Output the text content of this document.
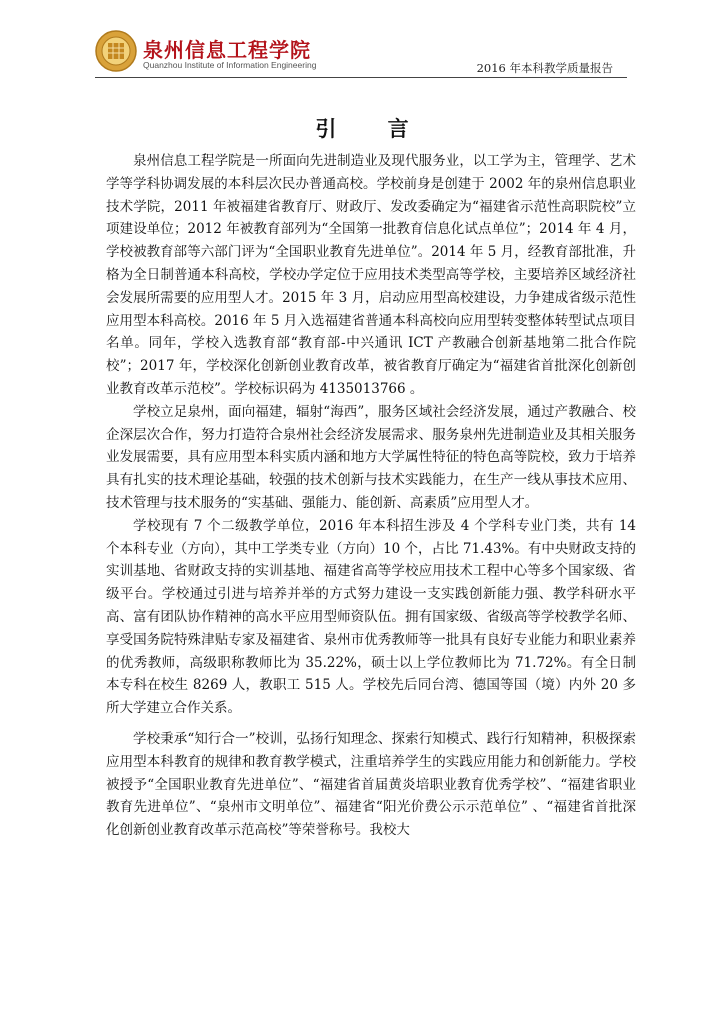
泉州信息工程学院
Quanzhou Institute of Information Engineering	2016 年本科教学质量报告
引 言

泉州信息工程学院是一所面向先进制造业及现代服务业，以工学为主，管理学、艺术学等学科协调发展的本科层次民办普通高校。学校前身是创建于 2002 年的泉州信息职业技术学院，2011 年被福建省教育厅、财政厅、发改委确定为“福建省示范性高职院校”立项建设单位；2012 年被教育部列为“全国第一批教育信息化试点单位”；2014 年 4 月，学校被教育部等六部门评为“全国职业教育先进单位”。2014 年 5 月，经教育部批准，升格为全日制普通本科高校，学校办学定位于应用技术类型高等学校，主要培养区域经济社会发展所需要的应用型人才。2015 年 3 月，启动应用型高校建设，力争建成省级示范性应用型本科高校。2016 年 5 月入选福建省普通本科高校向应用型转变整体转型试点项目名单。同年，学校入选教育部“教育部-中兴通讯 ICT 产教融合创新基地第二批合作院校”；2017 年，学校深化创新创业教育改革，被省教育厅确定为“福建省首批深化创新创业教育改革示范校”。学校标识码为 4135013766 。

学校立足泉州，面向福建，辐射“海西”，服务区域社会经济发展，通过产教融合、校企深层次合作，努力打造符合泉州社会经济发展需求、服务泉州先进制造业及其相关服务业发展需要，具有应用型本科实质内涵和地方大学属性特征的特色高等院校，致力于培养具有扎实的技术理论基础，较强的技术创新与技术实践能力，在生产一线从事技术应用、技术管理与技术服务的“实基础、强能力、能创新、高素质”应用型人才。

学校现有 7 个二级教学单位，2016 年本科招生涉及 4 个学科专业门类，共有 14 个本科专业（方向），其中工学类专业（方向）10 个，占比 71.43%。有中央财政支持的实训基地、省财政支持的实训基地、福建省高等学校应用技术工程中心等多个国家级、省级平台。学校通过引进与培养并举的方式努力建设一支实践创新能力强、教学科研水平高、富有团队协作精神的高水平应用型师资队伍。拥有国家级、省级高等学校教学名师、享受国务院特殊津贴专家及福建省、泉州市优秀教师等一批具有良好专业能力和职业素养的优秀教师，高级职称教师比为 35.22%，硕士以上学位教师比为 71.72%。有全日制本专科在校生 8269 人，教职工 515 人。学校先后同台湾、德国等国（境）内外 20 多所大学建立合作关系。

学校秉承“知行合一”校训，弘扬行知理念、探索行知模式、践行行知精神，积极探索应用型本科教育的规律和教育教学模式，注重培养学生的实践应用能力和创新能力。学校被授予“全国职业教育先进单位”、“福建省首届黄炎培职业教育优秀学校”、“福建省职业教育先进单位”、“泉州市文明单位”、福建省“阳光价费公示示范单位” 、“福建省首批深化创新创业教育改革示范高校”等荣誉称号。我校大
